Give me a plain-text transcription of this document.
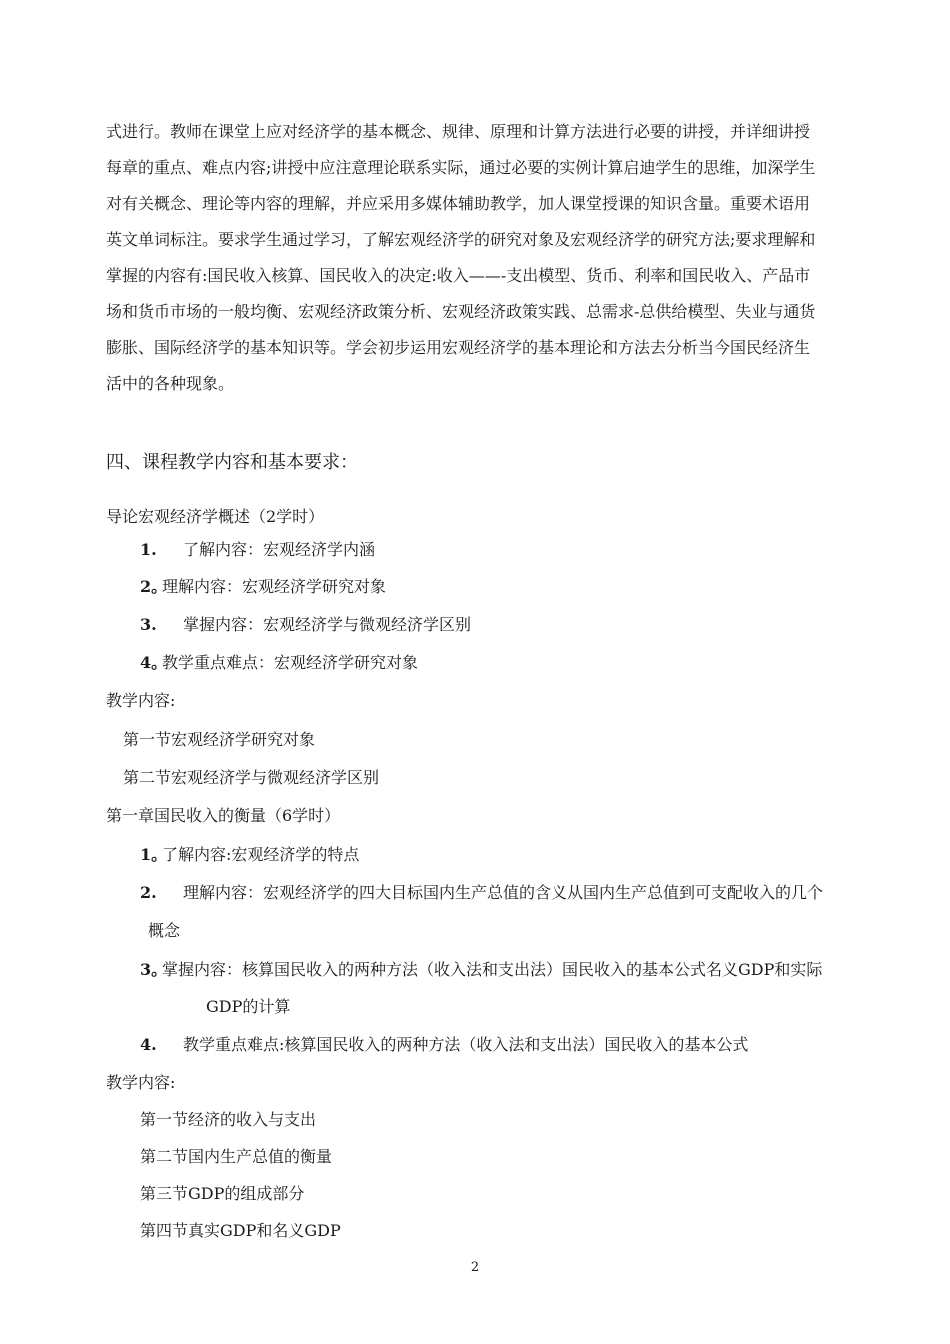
式进行。教师在课堂上应对经济学的基本概念、规律、原理和计算方法进行必要的讲授，并详细讲授
每章的重点、难点内容;讲授中应注意理论联系实际，通过必要的实例计算启迪学生的思维，加深学生
对有关概念、理论等内容的理解，并应采用多媒体辅助教学，加人课堂授课的知识含量。重要术语用
英文单词标注。要求学生通过学习，了解宏观经济学的研究对象及宏观经济学的研究方法;要求理解和
掌握的内容有:国民收入核算、国民收入的决定:收入——-支出模型、货币、利率和国民收入、产品市
场和货币市场的一般均衡、宏观经济政策分析、宏观经济政策实践、总需求-总供给模型、失业与通货
膨胀、国际经济学的基本知识等。学会初步运用宏观经济学的基本理论和方法去分析当今国民经济生
活中的各种现象。
四、课程教学内容和基本要求：
导论宏观经济学概述（2学时）
1. 了解内容：宏观经济学内涵
2。
理解内容：宏观经济学研究对象
3. 掌握内容：宏观经济学与微观经济学区别
4。
教学重点难点：宏观经济学研究对象
教学内容:
第一节宏观经济学研究对象
第二节宏观经济学与微观经济学区别
第一章国民收入的衡量（6学时）
1。
了解内容:宏观经济学的特点
2. 理解内容：宏观经济学的四大目标国内生产总值的含义从国内生产总值到可支配收入的几个
概念
3。
掌握内容：核算国民收入的两种方法（收入法和支出法）国民收入的基本公式名义GDP和实际
GDP的计算
4. 教学重点难点:核算国民收入的两种方法（收入法和支出法）国民收入的基本公式
教学内容:
第一节经济的收入与支出
第二节国内生产总值的衡量
第三节GDP的组成部分
第四节真实GDP和名义GDP
2
